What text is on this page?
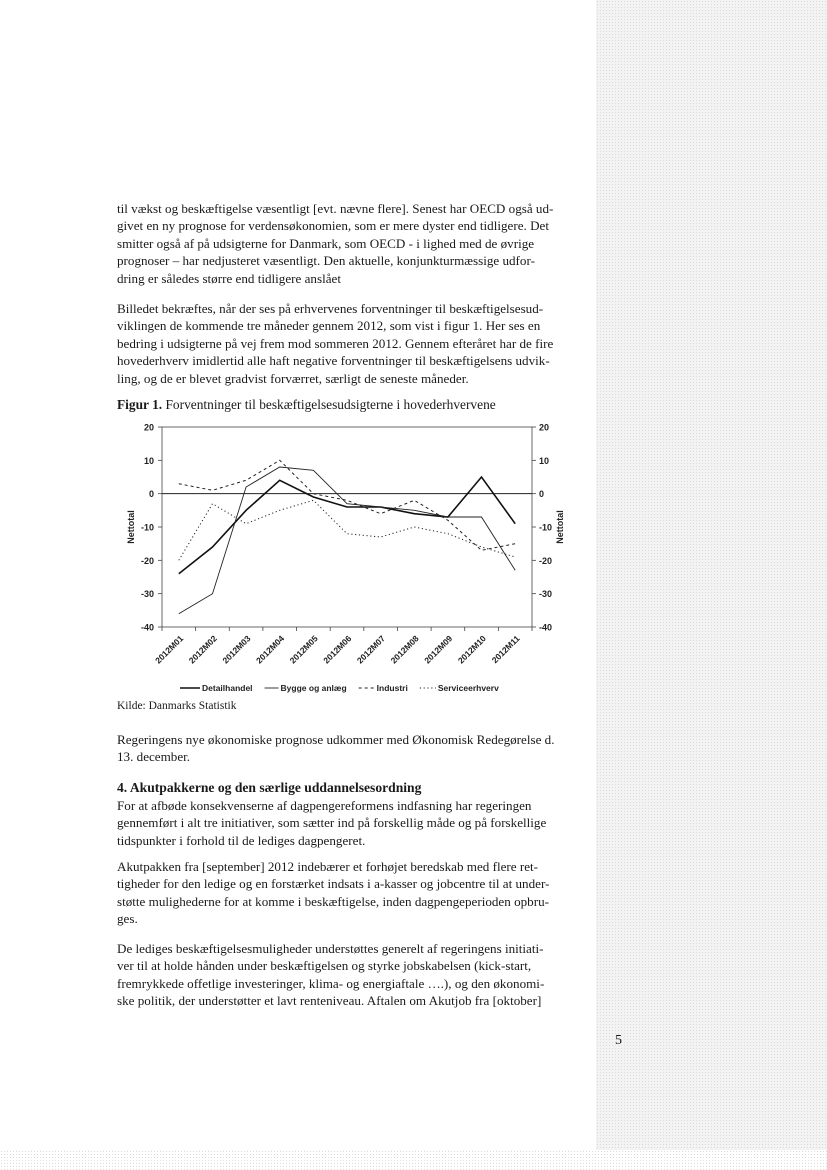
til vækst og beskæftigelse væsentligt [evt. nævne flere]. Senest har OECD også ud-
givet en ny prognose for verdensøkonomien, som er mere dyster end tidligere. Det
smitter også af på udsigterne for Danmark, som OECD - i lighed med de øvrige
prognoser – har nedjusteret væsentligt. Den aktuelle, konjunkturmæssige udfor-
dring er således større end tidligere anslået
Billedet bekræftes, når der ses på erhvervenes forventninger til beskæftigelsesud-
viklingen de kommende tre måneder gennem 2012, som vist i figur 1. Her ses en
bedring i udsigterne på vej frem mod sommeren 2012. Gennem efteråret har de fire
hovederhverv imidlertid alle haft negative forventninger til beskæftigelsens udvik-
ling, og de er blevet gradvist forværret, særligt de seneste måneder.
Figur 1. Forventninger til beskæftigelsesudsigterne i hovederhvervene
20	20
10	10
0	0
-10	-10
-20	-20
-30	-30
-40	-40
Nettotal	Nettotal
2012M01 2012M02 2012M03 2012M04 2012M05 2012M06 2012M07 2012M08 2012M09 2012M10 2012M11
Detailhandel	Bygge og anlæg	Industri	Serviceerhverv
Kilde: Danmarks Statistik
Regeringens nye økonomiske prognose udkommer med Økonomisk Redegørelse d.
13. december.
4. Akutpakkerne og den særlige uddannelsesordning
For at afbøde konsekvenserne af dagpengereformens indfasning har regeringen
gennemført i alt tre initiativer, som sætter ind på forskellig måde og på forskellige
tidspunkter i forhold til de lediges dagpengeret.
Akutpakken fra [september] 2012 indebærer et forhøjet beredskab med flere ret-
tigheder for den ledige og en forstærket indsats i a-kasser og jobcentre til at under-
støtte mulighederne for at komme i beskæftigelse, inden dagpengeperioden opbru-
ges.
De lediges beskæftigelsesmuligheder understøttes generelt af regeringens initiati-
ver til at holde hånden under beskæftigelsen og styrke jobskabelsen (kick-start,
fremrykkede offetlige investeringer, klima- og energiaftale ….), og den økonomi-
ske politik, der understøtter et lavt renteniveau. Aftalen om Akutjob fra [oktober]
5
